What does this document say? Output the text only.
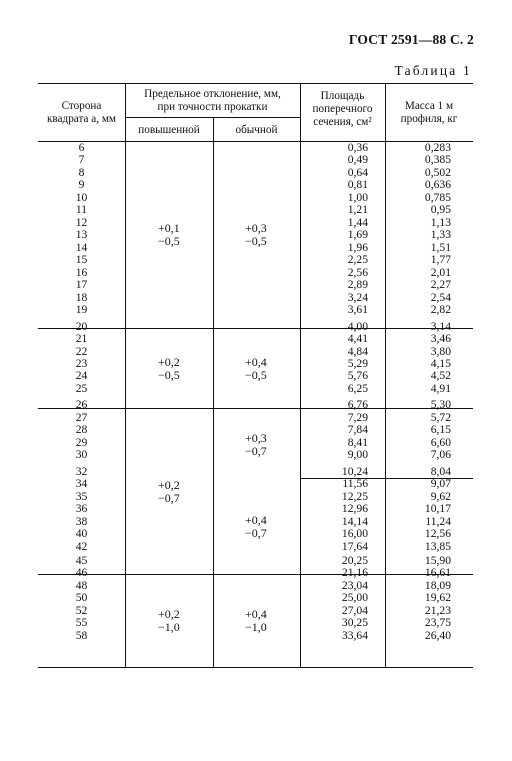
ГОСТ 2591—88 С. 2
Таблица 1
Сторона
квадрата a, мм
Предельное отклонение, мм,
при точности прокатки
повышенной	обычной
Площадь
поперечного
сечения, см²
Масса 1 м
профиля, кг
6
7
8
9
10
11
12
13
14
15
16
17
18
19
20
21
22
23
24
25
26
27
28
29
30
32
34
35
36
38
40
42
45
46
48
50
52
55
58
0,36
0,49
0,64
0,81
1,00
1,21
1,44
1,69
1,96
2,25
2,56
2,89
3,24
3,61
4,00
4,41
4,84
5,29
5,76
6,25
6,76
7,29
7,84
8,41
9,00
10,24
11,56
12,25
12,96
14,14
16,00
17,64
20,25
21,16
23,04
25,00
27,04
30,25
33,64
0,283
0,385
0,502
0,636
0,785
0,95
1,13
1,33
1,51
1,77
2,01
2,27
2,54
2,82
3,14
3,46
3,80
4,15
4,52
4,91
5,30
5,72
6,15
6,60
7,06
8,04
9,07
9,62
10,17
11,24
12,56
13,85
15,90
16,61
18,09
19,62
21,23
23,75
26,40
+0,1
−0,5
+0,3
−0,5
+0,2
−0,5
+0,4
−0,5
+0,2
−0,7
+0,3
−0,7
+0,4
−0,7
+0,2
−1,0
+0,4
−1,0
